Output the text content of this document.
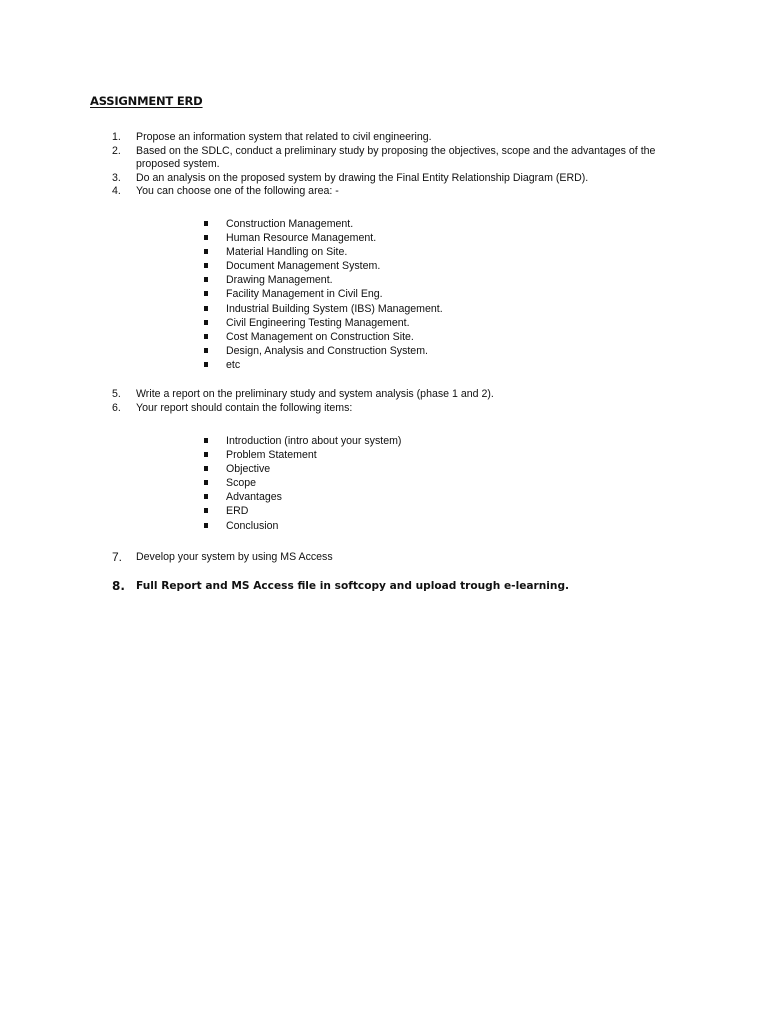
ASSIGNMENT ERD
1. Propose an information system that related to civil engineering.
2. Based on the SDLC, conduct a preliminary study by proposing the objectives, scope and the advantages of the proposed system.
3. Do an analysis on the proposed system by drawing the Final Entity Relationship Diagram (ERD).
4. You can choose one of the following area: -
Construction Management.
Human Resource Management.
Material Handling on Site.
Document Management System.
Drawing Management.
Facility Management in Civil Eng.
Industrial Building System (IBS) Management.
Civil Engineering Testing Management.
Cost Management on Construction Site.
Design, Analysis and Construction System.
etc
5. Write a report on the preliminary study and system analysis (phase 1 and 2).
6. Your report should contain the following items:
Introduction (intro about your system)
Problem Statement
Objective
Scope
Advantages
ERD
Conclusion
7. Develop your system by using MS Access
8. Full Report and MS Access file in softcopy and upload trough e-learning.
